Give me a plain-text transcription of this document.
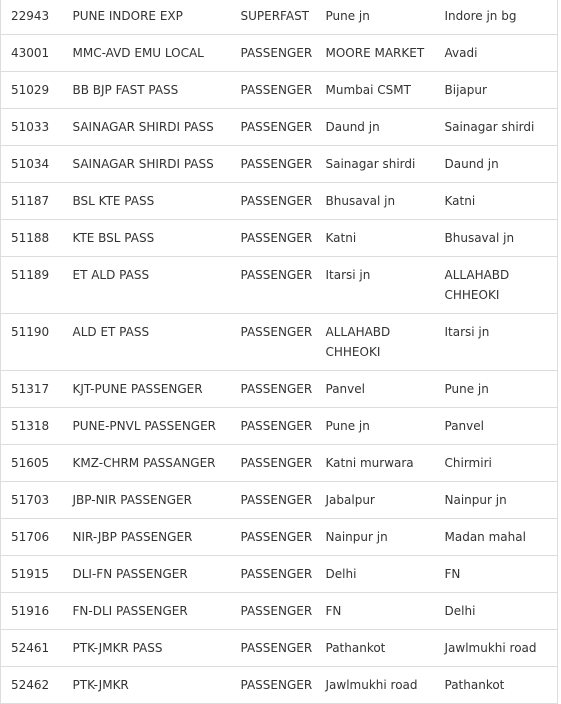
22943	PUNE INDORE EXP	SUPERFAST	Pune jn	Indore jn bg
43001	MMC-AVD EMU LOCAL	PASSENGER	MOORE MARKET	Avadi
51029	BB BJP FAST PASS	PASSENGER	Mumbai CSMT	Bijapur
51033	SAINAGAR SHIRDI PASS	PASSENGER	Daund jn	Sainagar shirdi
51034	SAINAGAR SHIRDI PASS	PASSENGER	Sainagar shirdi	Daund jn
51187	BSL KTE PASS	PASSENGER	Bhusaval jn	Katni
51188	KTE BSL PASS	PASSENGER	Katni	Bhusaval jn
51189	ET ALD PASS	PASSENGER	Itarsi jn	ALLAHABD
CHHEOKI
51190	ALD ET PASS	PASSENGER	ALLAHABD
CHHEOKI	Itarsi jn
51317	KJT-PUNE PASSENGER	PASSENGER	Panvel	Pune jn
51318	PUNE-PNVL PASSENGER	PASSENGER	Pune jn	Panvel
51605	KMZ-CHRM PASSANGER	PASSENGER	Katni murwara	Chirmiri
51703	JBP-NIR PASSENGER	PASSENGER	Jabalpur	Nainpur jn
51706	NIR-JBP PASSENGER	PASSENGER	Nainpur jn	Madan mahal
51915	DLI-FN PASSENGER	PASSENGER	Delhi	FN
51916	FN-DLI PASSENGER	PASSENGER	FN	Delhi
52461	PTK-JMKR PASS	PASSENGER	Pathankot	Jawlmukhi road
52462	PTK-JMKR	PASSENGER	Jawlmukhi road	Pathankot
